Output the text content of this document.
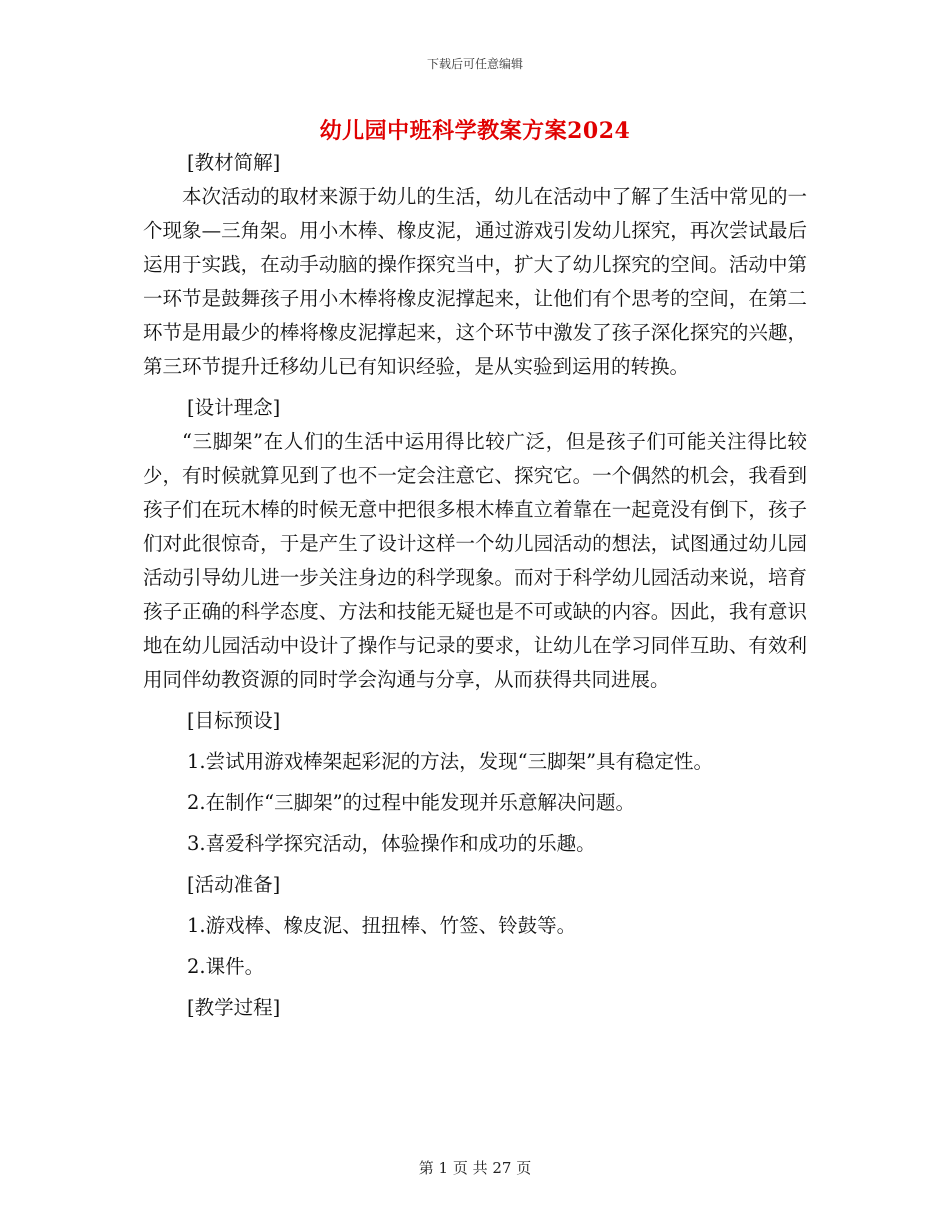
下载后可任意编辑
幼儿园中班科学教案方案2024

[教材简解]

本次活动的取材来源于幼儿的生活，幼儿在活动中了解了生活中常见的一个现象—三角架。用小木棒、橡皮泥，通过游戏引发幼儿探究，再次尝试最后运用于实践，在动手动脑的操作探究当中，扩大了幼儿探究的空间。活动中第一环节是鼓舞孩子用小木棒将橡皮泥撑起来，让他们有个思考的空间，在第二环节是用最少的棒将橡皮泥撑起来，这个环节中激发了孩子深化探究的兴趣，第三环节提升迁移幼儿已有知识经验，是从实验到运用的转换。

[设计理念]

“三脚架”在人们的生活中运用得比较广泛，但是孩子们可能关注得比较少，有时候就算见到了也不一定会注意它、探究它。一个偶然的机会，我看到孩子们在玩木棒的时候无意中把很多根木棒直立着靠在一起竟没有倒下，孩子们对此很惊奇，于是产生了设计这样一个幼儿园活动的想法，试图通过幼儿园活动引导幼儿进一步关注身边的科学现象。而对于科学幼儿园活动来说，培育孩子正确的科学态度、方法和技能无疑也是不可或缺的内容。因此，我有意识地在幼儿园活动中设计了操作与记录的要求，让幼儿在学习同伴互助、有效利用同伴幼教资源的同时学会沟通与分享，从而获得共同进展。

[目标预设]

1.尝试用游戏棒架起彩泥的方法，发现“三脚架”具有稳定性。

2.在制作“三脚架”的过程中能发现并乐意解决问题。

3.喜爱科学探究活动，体验操作和成功的乐趣。

[活动准备]

1.游戏棒、橡皮泥、扭扭棒、竹签、铃鼓等。

2.课件。

[教学过程]

第 1 页 共 27 页
